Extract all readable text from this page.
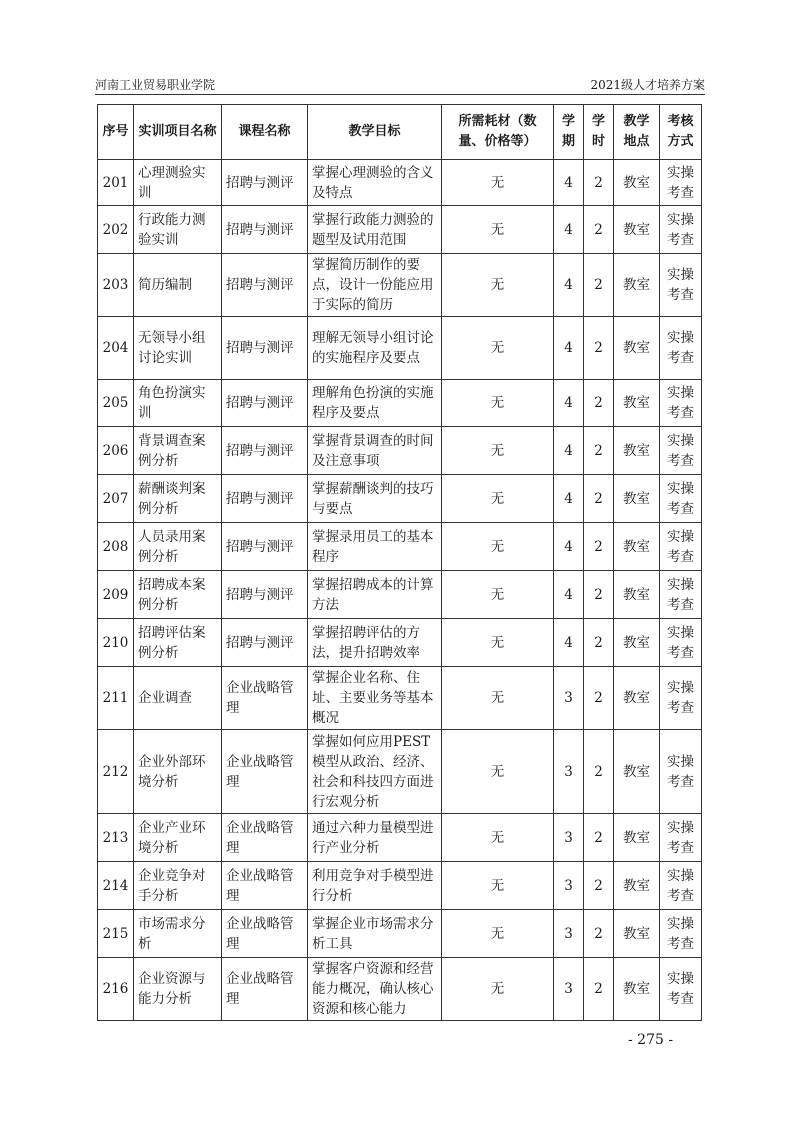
河南工业贸易职业学院	2021级人才培养方案
序号	实训项目名称	课程名称	教学目标	所需耗材（数量、价格等）	学期	学时	教学地点	考核方式
201	心理测验实训	招聘与测评	掌握心理测验的含义及特点	无	4	2	教室	实操考查
202	行政能力测验实训	招聘与测评	掌握行政能力测验的题型及试用范围	无	4	2	教室	实操考查
203	简历编制	招聘与测评	掌握简历制作的要点，设计一份能应用于实际的简历	无	4	2	教室	实操考查
204	无领导小组讨论实训	招聘与测评	理解无领导小组讨论的实施程序及要点	无	4	2	教室	实操考查
205	角色扮演实训	招聘与测评	理解角色扮演的实施程序及要点	无	4	2	教室	实操考查
206	背景调查案例分析	招聘与测评	掌握背景调查的时间及注意事项	无	4	2	教室	实操考查
207	薪酬谈判案例分析	招聘与测评	掌握薪酬谈判的技巧与要点	无	4	2	教室	实操考查
208	人员录用案例分析	招聘与测评	掌握录用员工的基本程序	无	4	2	教室	实操考查
209	招聘成本案例分析	招聘与测评	掌握招聘成本的计算方法	无	4	2	教室	实操考查
210	招聘评估案例分析	招聘与测评	掌握招聘评估的方法，提升招聘效率	无	4	2	教室	实操考查
211	企业调查	企业战略管理	掌握企业名称、住址、主要业务等基本概况	无	3	2	教室	实操考查
212	企业外部环境分析	企业战略管理	掌握如何应用PEST模型从政治、经济、社会和科技四方面进行宏观分析	无	3	2	教室	实操考查
213	企业产业环境分析	企业战略管理	通过六种力量模型进行产业分析	无	3	2	教室	实操考查
214	企业竞争对手分析	企业战略管理	利用竞争对手模型进行分析	无	3	2	教室	实操考查
215	市场需求分析	企业战略管理	掌握企业市场需求分析工具	无	3	2	教室	实操考查
216	企业资源与能力分析	企业战略管理	掌握客户资源和经营能力概况，确认核心资源和核心能力	无	3	2	教室	实操考查
- 275 -
